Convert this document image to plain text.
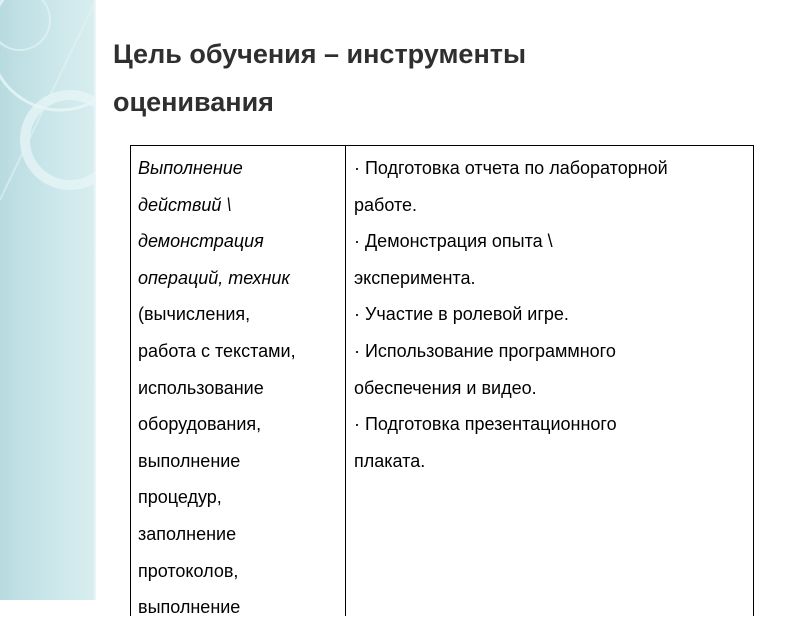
Цель обучения – инструменты
оценивания
Выполнение
действий \
демонстрация
операций, техник
(вычисления,
работа с текстами,
использование
оборудования,
выполнение
процедур,
заполнение
протоколов,
выполнение
· Подготовка отчета по лабораторной
работе.
· Демонстрация опыта \
эксперимента.
· Участие в ролевой игре.
· Использование программного
обеспечения и видео.
· Подготовка презентационного
плаката.
